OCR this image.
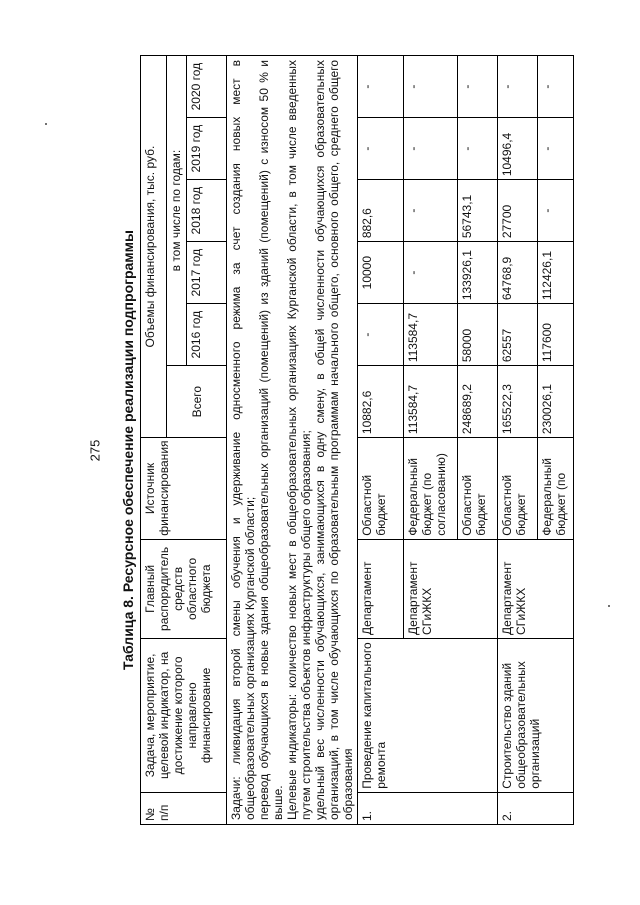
275 Таблица 8. Ресурсное обеспечение реализации подпрограммы
№ п/п	Задача, мероприятие, целевой индикатор, на достижение которого направлено финансирование	Главный распорядитель средств областного бюджета	Источник финансирования	Объемы финансирования, тыс. руб.					
				Всего	в том числе по годам:				
					2016 год	2017 год	2018 год	2019 год	2020 год

Задачи: ликвидация второй смены обучения и удерживание односменного режима за счет создания новых мест в общеобразовательных организациях Курганской области; перевод обучающихся в новые здания общеобразовательных организаций (помещений) из зданий (помещений) с износом 50 % и выше. Целевые индикаторы: количество новых мест в общеобразовательных организациях Курганской области, в том числе введенных путем строительства объектов инфраструктуры общего образования; удельный вес численности обучающихся, занимающихся в одну смену, в общей численности обучающихся образовательных организаций, в том числе обучающихся по образовательным программам начального общего, основного общего, среднего общего образования									

1.	Проведение капитального ремонта	Департамент	Областной бюджет	10882,6	-	10000	882,6	-	-
		Департамент СГиЖКХ	Федеральный бюджет (по согласованию)	113584,7	113584,7	-	-	-	-
			Областной бюджет	248689,2	58000	133926,1	56743,1	-	-
2.	Строительство зданий общеобразовательных организаций	Департамент СГиЖКХ	Областной бюджет	165522,3	62557	64768,9	27700	10496,4	-
			Федеральный бюджет (по	230026,1	117600	112426,1	-	-	-
